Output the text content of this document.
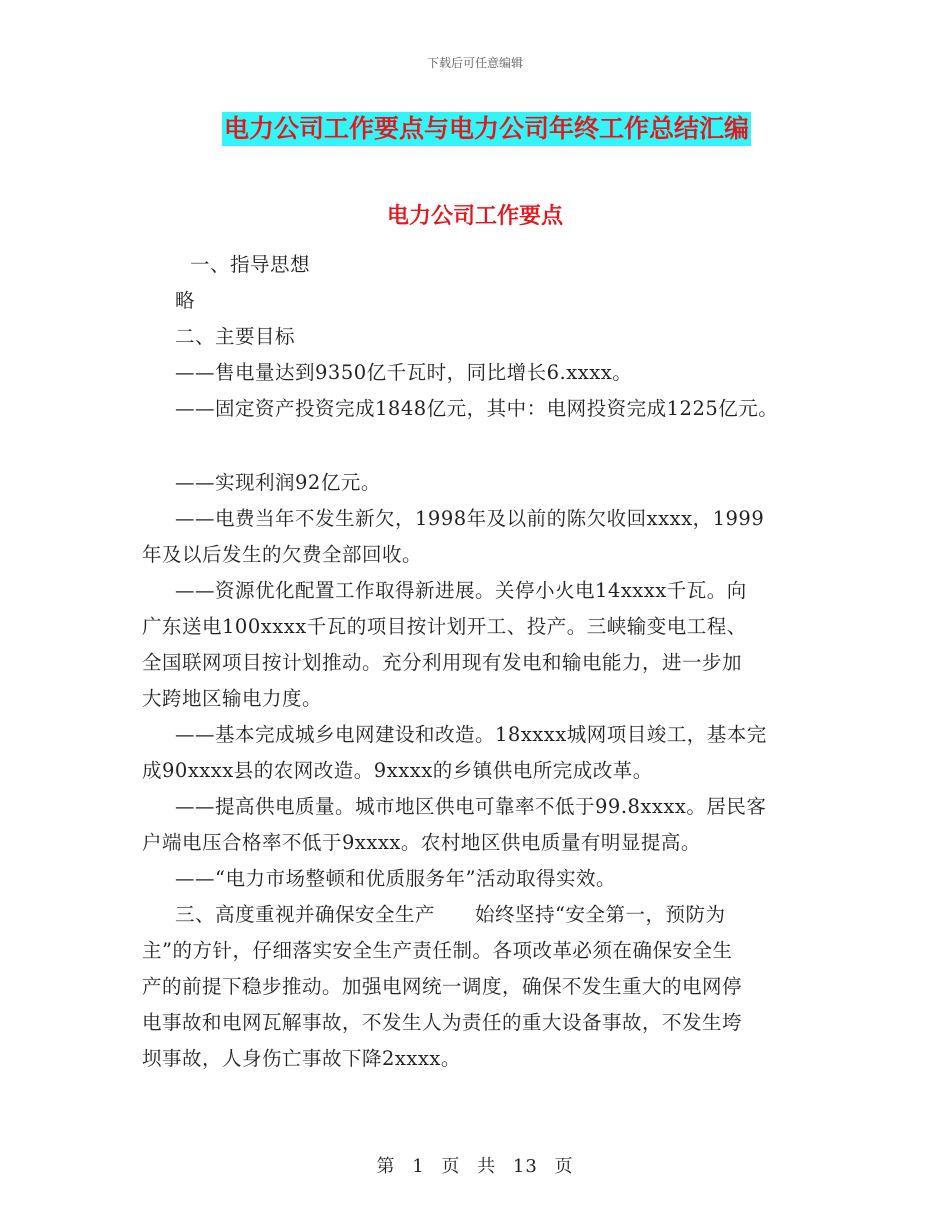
下载后可任意编辑
电力公司工作要点与电力公司年终工作总结汇编
电力公司工作要点

一、指导思想

略

二、主要目标

——售电量达到9350亿千瓦时，同比增长6.xxxx。

——固定资产投资完成1848亿元，其中：电网投资完成1225亿元。

——实现利润92亿元。

——电费当年不发生新欠，1998年及以前的陈欠收回xxxx，1999

年及以后发生的欠费全部回收。

——资源优化配置工作取得新进展。关停小火电14xxxx千瓦。向

广东送电100xxxx千瓦的项目按计划开工、投产。三峡输变电工程、

全国联网项目按计划推动。充分利用现有发电和输电能力，进一步加

大跨地区输电力度。

——基本完成城乡电网建设和改造。18xxxx城网项目竣工，基本完

成90xxxx县的农网改造。9xxxx的乡镇供电所完成改革。

——提高供电质量。城市地区供电可靠率不低于99.8xxxx。居民客

户端电压合格率不低于9xxxx。农村地区供电质量有明显提高。

——“电力市场整顿和优质服务年”活动取得实效。

三、高度重视并确保安全生产　　始终坚持“安全第一，预防为

主”的方针，仔细落实安全生产责任制。各项改革必须在确保安全生

产的前提下稳步推动。加强电网统一调度，确保不发生重大的电网停

电事故和电网瓦解事故，不发生人为责任的重大设备事故，不发生垮

坝事故，人身伤亡事故下降2xxxx。

第 1 页 共 13 页
